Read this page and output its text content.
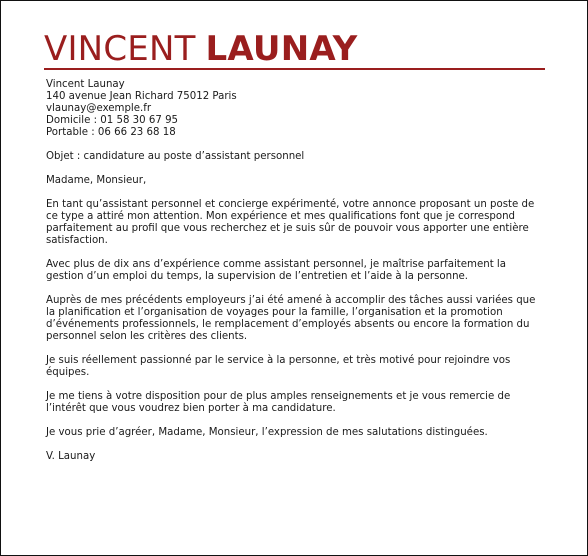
VINCENT LAUNAY

Vincent Launay

140 avenue Jean Richard 75012 Paris

vlaunay@exemple.fr

Domicile : 01 58 30 67 95

Portable : 06 66 23 68 18

Objet : candidature au poste d’assistant personnel

Madame, Monsieur,

En tant qu’assistant personnel et concierge expérimenté, votre annonce proposant un poste de ce type a attiré mon attention. Mon expérience et mes qualifications font que je correspond parfaitement au profil que vous recherchez et je suis sûr de pouvoir vous apporter une entière satisfaction.

Avec plus de dix ans d’expérience comme assistant personnel, je maîtrise parfaitement la gestion d’un emploi du temps, la supervision de l’entretien et l’aide à la personne.

Auprès de mes précédents employeurs j’ai été amené à accomplir des tâches aussi variées que la planification et l’organisation de voyages pour la famille, l’organisation et la promotion d’événements professionnels, le remplacement d’employés absents ou encore la formation du personnel selon les critères des clients.

Je suis réellement passionné par le service à la personne, et très motivé pour rejoindre vos équipes.

Je me tiens à votre disposition pour de plus amples renseignements et je vous remercie de l’intérêt que vous voudrez bien porter à ma candidature.

Je vous prie d’agréer, Madame, Monsieur, l’expression de mes salutations distinguées.

V. Launay
